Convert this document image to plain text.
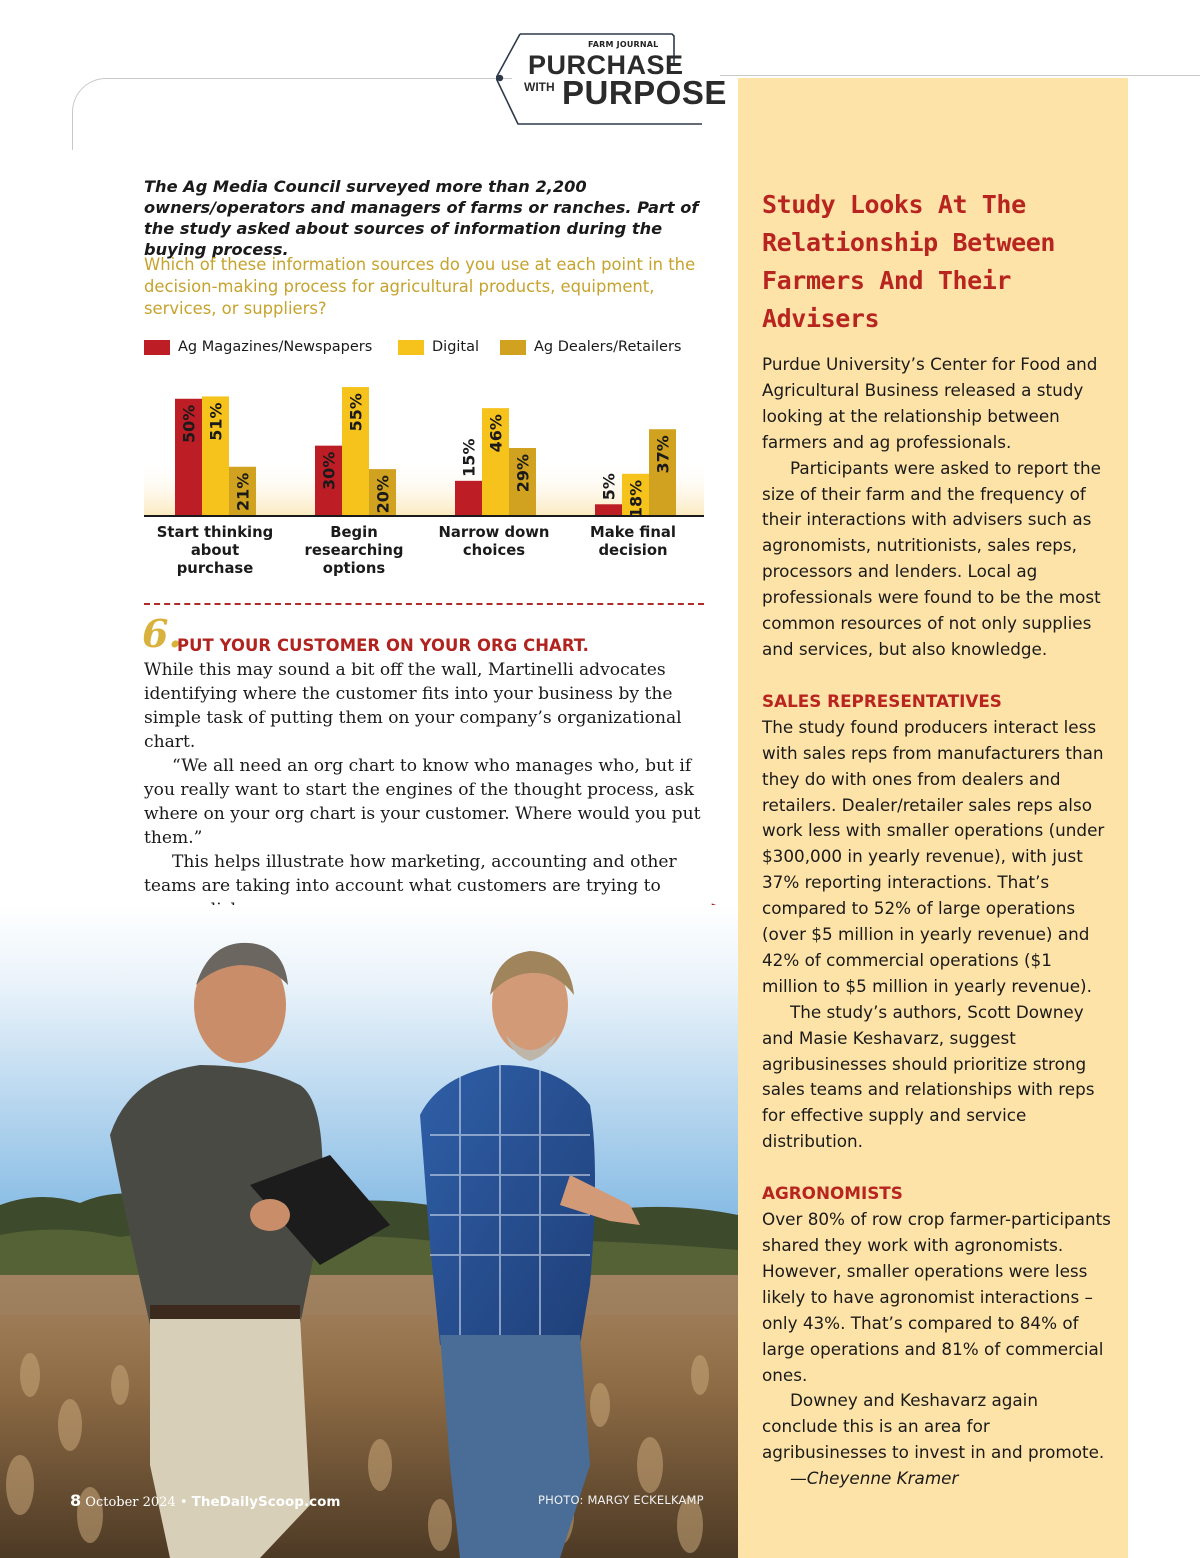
FARM JOURNAL
PURCHASE
WITH PURPOSE
The Ag Media Council surveyed more than 2,200 owners/operators and managers of farms or ranches. Part of the study asked about sources of information during the buying process.
Which of these information sources do you use at each point in the decision-making process for agricultural products, equipment, services, or suppliers?
Ag Magazines/Newspapers	Digital	Ag Dealers/Retailers
50% 51%
21%
30%
55%
20%
15%
46%
29%	5% 18%
37%
Start thinking
about
purchase
Begin
researching
options
Narrow down
choices
Make final
decision
6.
PUT YOUR CUSTOMER ON YOUR ORG CHART.

While this may sound a bit off the wall, Martinelli advocates identifying where the customer fits into your business by the simple task of putting them on your company’s organizational chart.

“We all need an org chart to know who manages who, but if you really want to start the engines of the thought process, ask where on your org chart is your customer. Where would you put them.”

This helps illustrate how marketing, accounting and other teams are taking into account what customers are trying to

8 October 2024 • TheDailyScoop.com	PHOTO: MARGY ECKELKAMP
Study Looks At The Relationship Between Farmers And Their Advisers

Purdue University’s Center for Food and Agricultural Business released a study looking at the relationship between farmers and ag professionals.

Participants were asked to report the size of their farm and the frequency of their interactions with advisers such as agronomists, nutritionists, sales reps, processors and lenders. Local ag professionals were found to be the most common resources of not only supplies and services, but also knowledge.

SALES REPRESENTATIVES

The study found producers interact less with sales reps from manufacturers than they do with ones from dealers and retailers. Dealer/retailer sales reps also work less with smaller operations (under $300,000 in yearly revenue), with just 37% reporting interactions. That’s compared to 52% of large operations (over $5 million in yearly revenue) and 42% of commercial operations ($1 million to $5 million in yearly revenue).

The study’s authors, Scott Downey and Masie Keshavarz, suggest agribusinesses should prioritize strong sales teams and relationships with reps for effective supply and service distribution.

AGRONOMISTS

Over 80% of row crop farmer-participants shared they work with agronomists. However, smaller operations were less likely to have agronomist interactions – only 43%. That’s compared to 84% of large operations and 81% of commercial ones.

Downey and Keshavarz again conclude this is an area for agribusinesses to invest in and promote.

—Cheyenne Kramer
